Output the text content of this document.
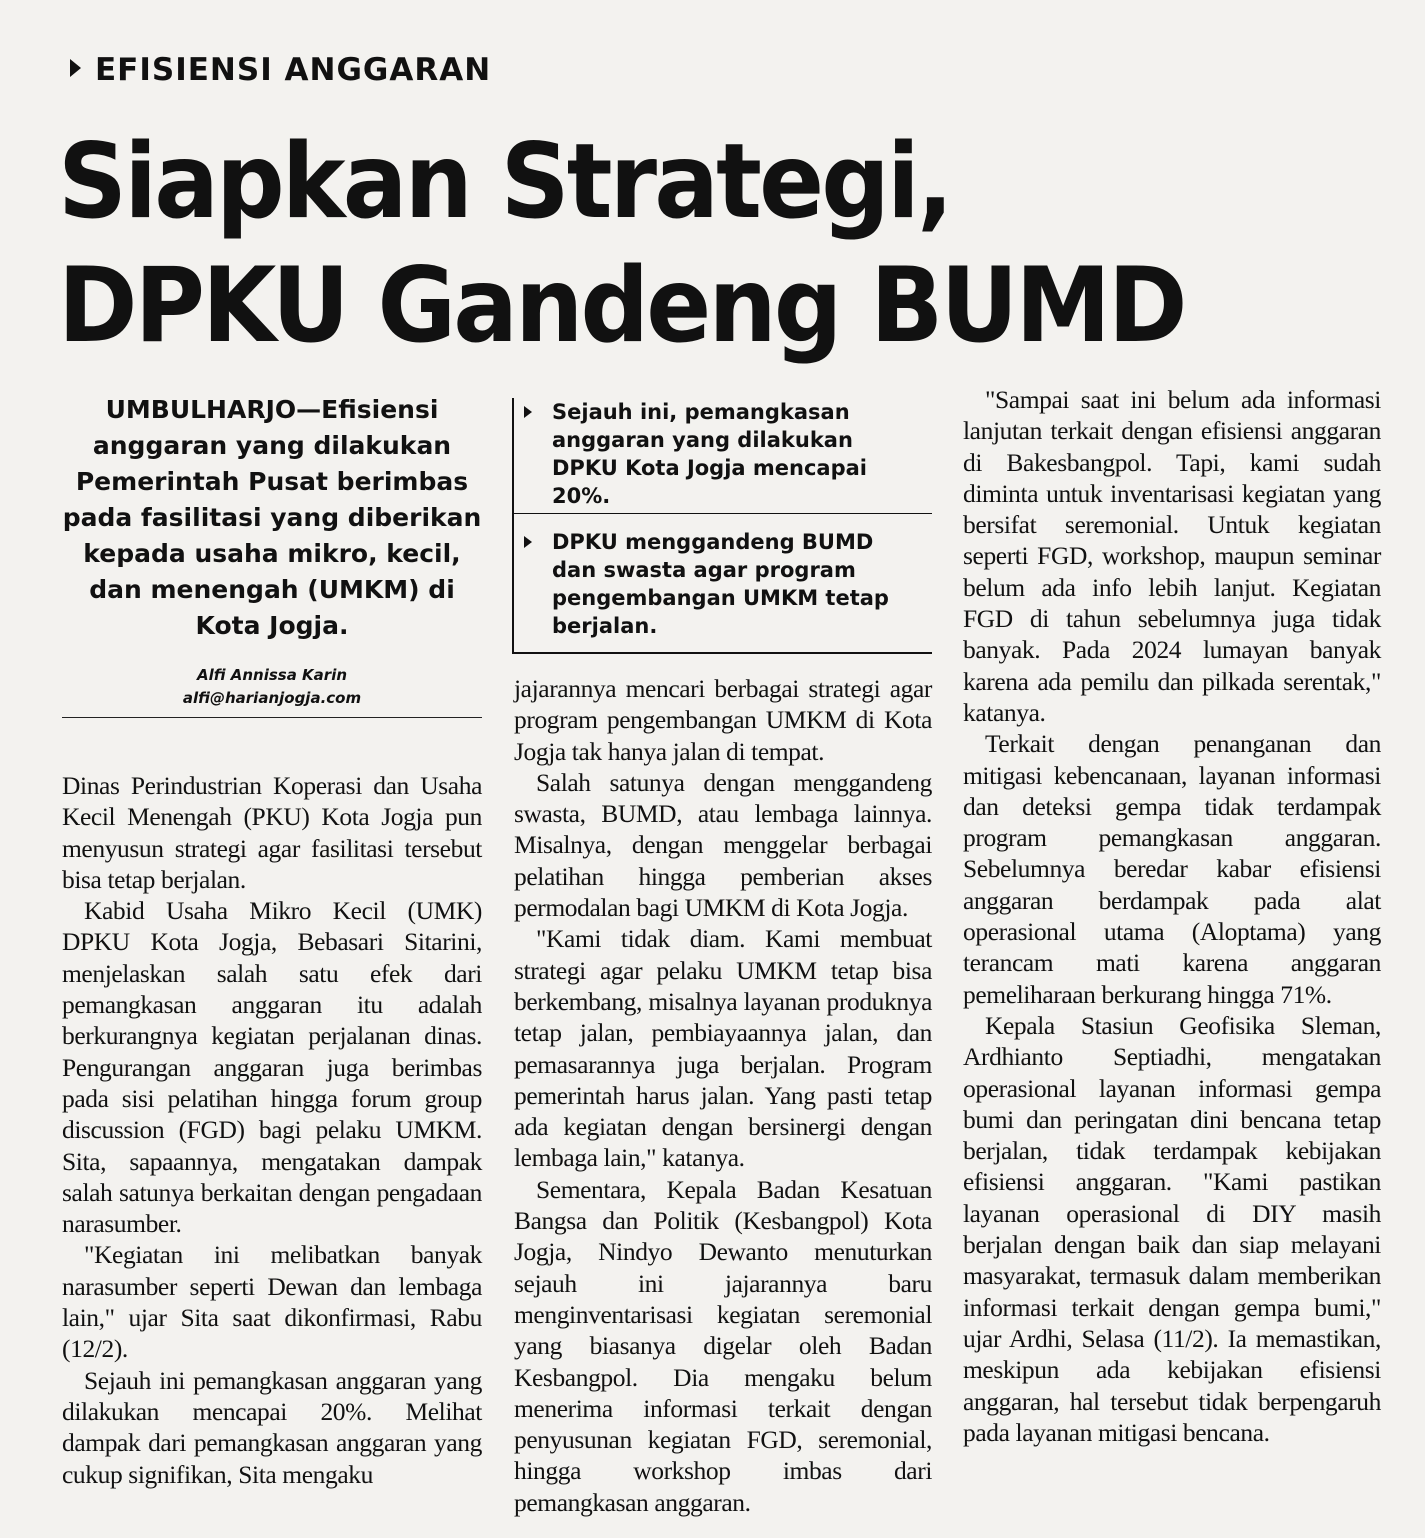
EFISIENSI ANGGARAN
Siapkan Strategi,
DPKU Gandeng BUMD
UMBULHARJO—Efisiensi anggaran yang dilakukan Pemerintah Pusat berimbas pada fasilitasi yang diberikan kepada usaha mikro, kecil, dan menengah (UMKM) di Kota Jogja.
Alfi Annissa Karin
alfi@harianjogja.com
Sejauh ini, pemangkasan anggaran yang dilakukan DPKU Kota Jogja mencapai 20%.
DPKU menggandeng BUMD dan swasta agar program pengembangan UMKM tetap berjalan.

Dinas Perindustrian Koperasi dan Usaha Kecil Menengah (PKU) Kota Jogja pun menyusun strategi agar fasilitasi tersebut bisa tetap berjalan.

Kabid Usaha Mikro Kecil (UMK) DPKU Kota Jogja, Bebasari Sitarini, menjelaskan salah satu efek dari pemangkasan anggaran itu adalah berkurangnya kegiatan perjalanan dinas. Pengurangan anggaran juga berimbas pada sisi pelatihan hingga forum group discussion (FGD) bagi pelaku UMKM. Sita, sapaannya, mengatakan dampak salah satunya berkaitan dengan pengadaan narasumber.

"Kegiatan ini melibatkan banyak narasumber seperti Dewan dan lembaga lain," ujar Sita saat dikonfirmasi, Rabu (12/2).

Sejauh ini pemangkasan anggaran yang dilakukan mencapai 20%. Melihat dampak dari pemangkasan anggaran yang cukup signifikan, Sita mengaku

jajarannya mencari berbagai strategi agar program pengembangan UMKM di Kota Jogja tak hanya jalan di tempat.

Salah satunya dengan menggandeng swasta, BUMD, atau lembaga lainnya. Misalnya, dengan menggelar berbagai pelatihan hingga pemberian akses permodalan bagi UMKM di Kota Jogja.

"Kami tidak diam. Kami membuat strategi agar pelaku UMKM tetap bisa berkembang, misalnya layanan produknya tetap jalan, pembiayaannya jalan, dan pemasarannya juga berjalan. Program pemerintah harus jalan. Yang pasti tetap ada kegiatan dengan bersinergi dengan lembaga lain," katanya.

Sementara, Kepala Badan Kesatuan Bangsa dan Politik (Kesbangpol) Kota Jogja, Nindyo Dewanto menuturkan sejauh ini jajarannya baru menginventarisasi kegiatan seremonial yang biasanya digelar oleh Badan Kesbangpol. Dia mengaku belum menerima informasi terkait dengan penyusunan kegiatan FGD, seremonial, hingga workshop imbas dari pemangkasan anggaran.

"Sampai saat ini belum ada informasi lanjutan terkait dengan efisiensi anggaran di Bakesbangpol. Tapi, kami sudah diminta untuk inventarisasi kegiatan yang bersifat seremonial. Untuk kegiatan seperti FGD, workshop, maupun seminar belum ada info lebih lanjut. Kegiatan FGD di tahun sebelumnya juga tidak banyak. Pada 2024 lumayan banyak karena ada pemilu dan pilkada serentak," katanya.

Terkait dengan penanganan dan mitigasi kebencanaan, layanan informasi dan deteksi gempa tidak terdampak program pemangkasan anggaran. Sebelumnya beredar kabar efisiensi anggaran berdampak pada alat operasional utama (Aloptama) yang terancam mati karena anggaran pemeliharaan berkurang hingga 71%.

Kepala Stasiun Geofisika Sleman, Ardhianto Septiadhi, mengatakan operasional layanan informasi gempa bumi dan peringatan dini bencana tetap berjalan, tidak terdampak kebijakan efisiensi anggaran. "Kami pastikan layanan operasional di DIY masih berjalan dengan baik dan siap melayani masyarakat, termasuk dalam memberikan informasi terkait dengan gempa bumi," ujar Ardhi, Selasa (11/2). Ia memastikan, meskipun ada kebijakan efisiensi anggaran, hal tersebut tidak berpengaruh pada layanan mitigasi bencana.
